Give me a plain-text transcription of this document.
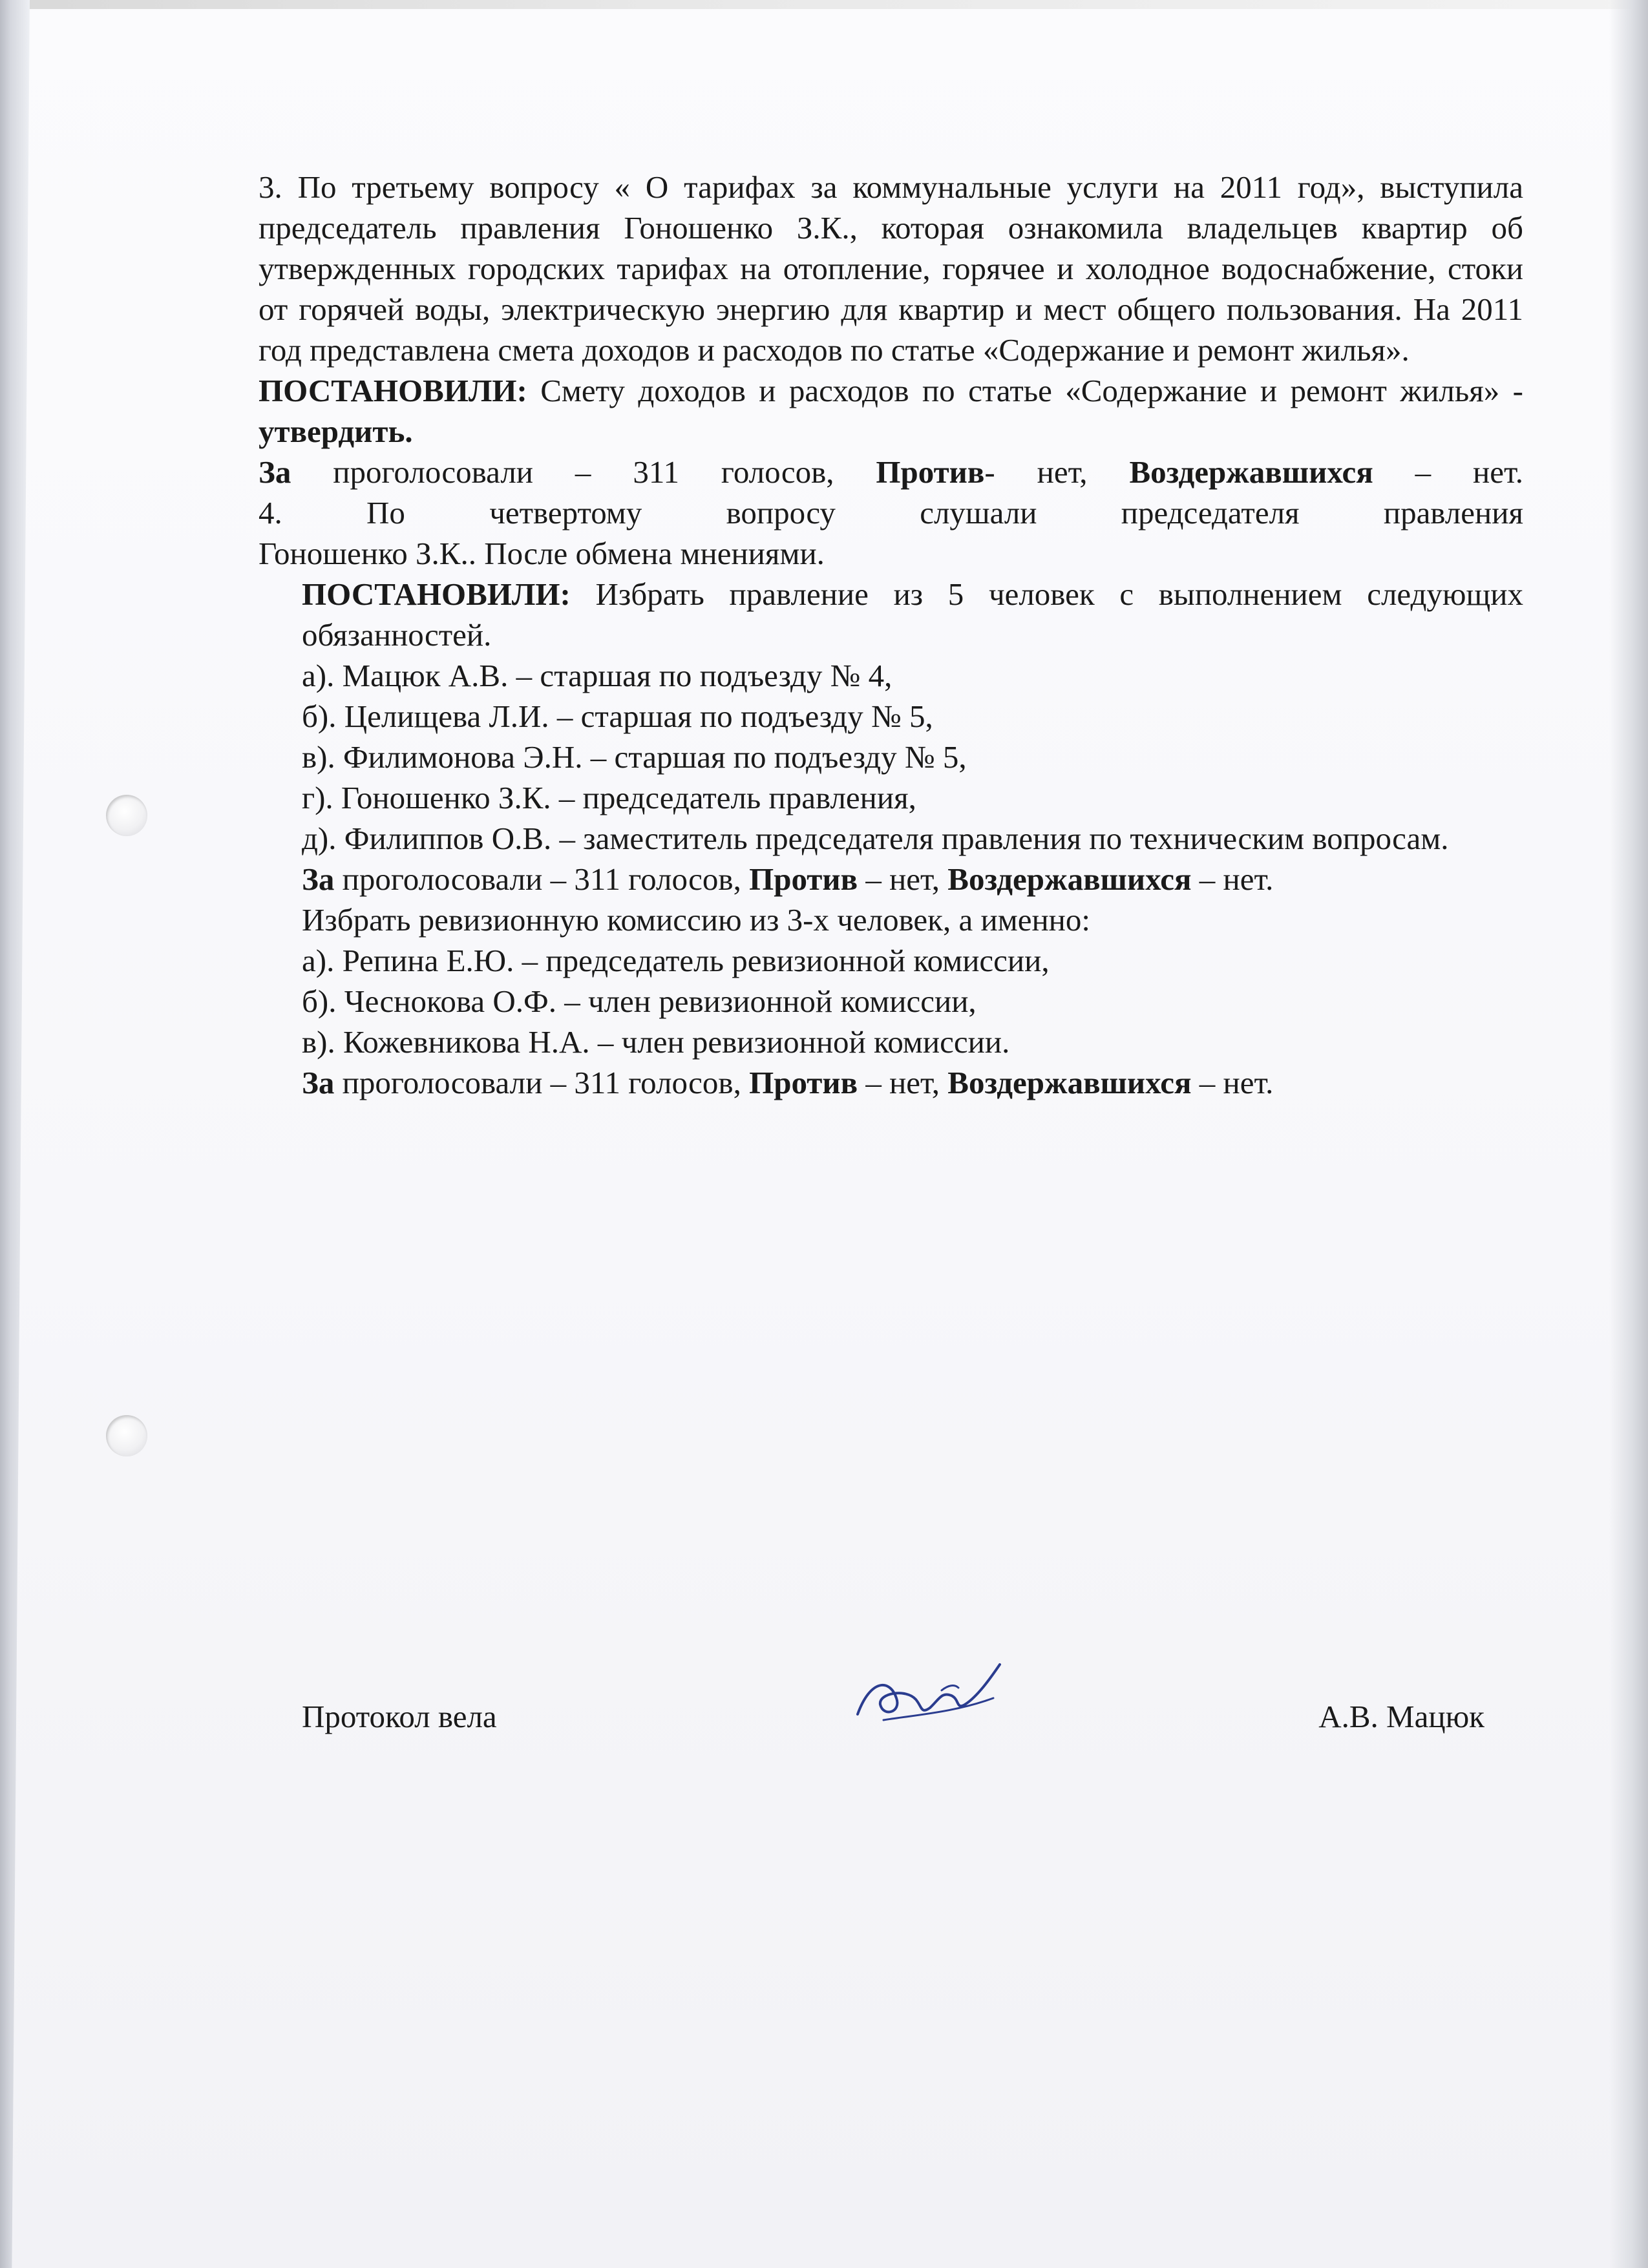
3. По третьему вопросу « О тарифах за коммунальные услуги на 2011 год», выступила председатель правления Гоношенко З.К., которая ознакомила владельцев квартир об утвержденных городских тарифах на отопление, горячее и холодное водоснабжение, стоки от горячей воды, электрическую энергию для квартир и мест общего пользования. На 2011 год представлена смета доходов и расходов по статье «Содержание и ремонт жилья».

ПОСТАНОВИЛИ: Смету доходов и расходов по статье «Содержание и ремонт жилья» - утвердить.

За проголосовали – 311 голосов, Против- нет, Воздержавшихся – нет.

4. По четвертому вопросу слушали председателя правления

Гоношенко З.К.. После обмена мнениями.

ПОСТАНОВИЛИ: Избрать правление из 5 человек с выполнением следующих обязанностей.

а). Мацюк А.В. – старшая по подъезду № 4,

б). Целищева Л.И. – старшая по подъезду № 5,

в). Филимонова Э.Н. – старшая по подъезду № 5,

г). Гоношенко З.К. – председатель правления,

д). Филиппов О.В. – заместитель председателя правления по техническим вопросам.

За проголосовали – 311 голосов, Против – нет, Воздержавшихся – нет.

Избрать ревизионную комиссию из 3-х человек, а именно:

а). Репина Е.Ю. – председатель ревизионной комиссии,

б). Чеснокова О.Ф. – член ревизионной комиссии,

в). Кожевникова Н.А. – член ревизионной комиссии.

За проголосовали – 311 голосов, Против – нет, Воздержавшихся – нет.

Протокол вела	А.В. Мацюк
